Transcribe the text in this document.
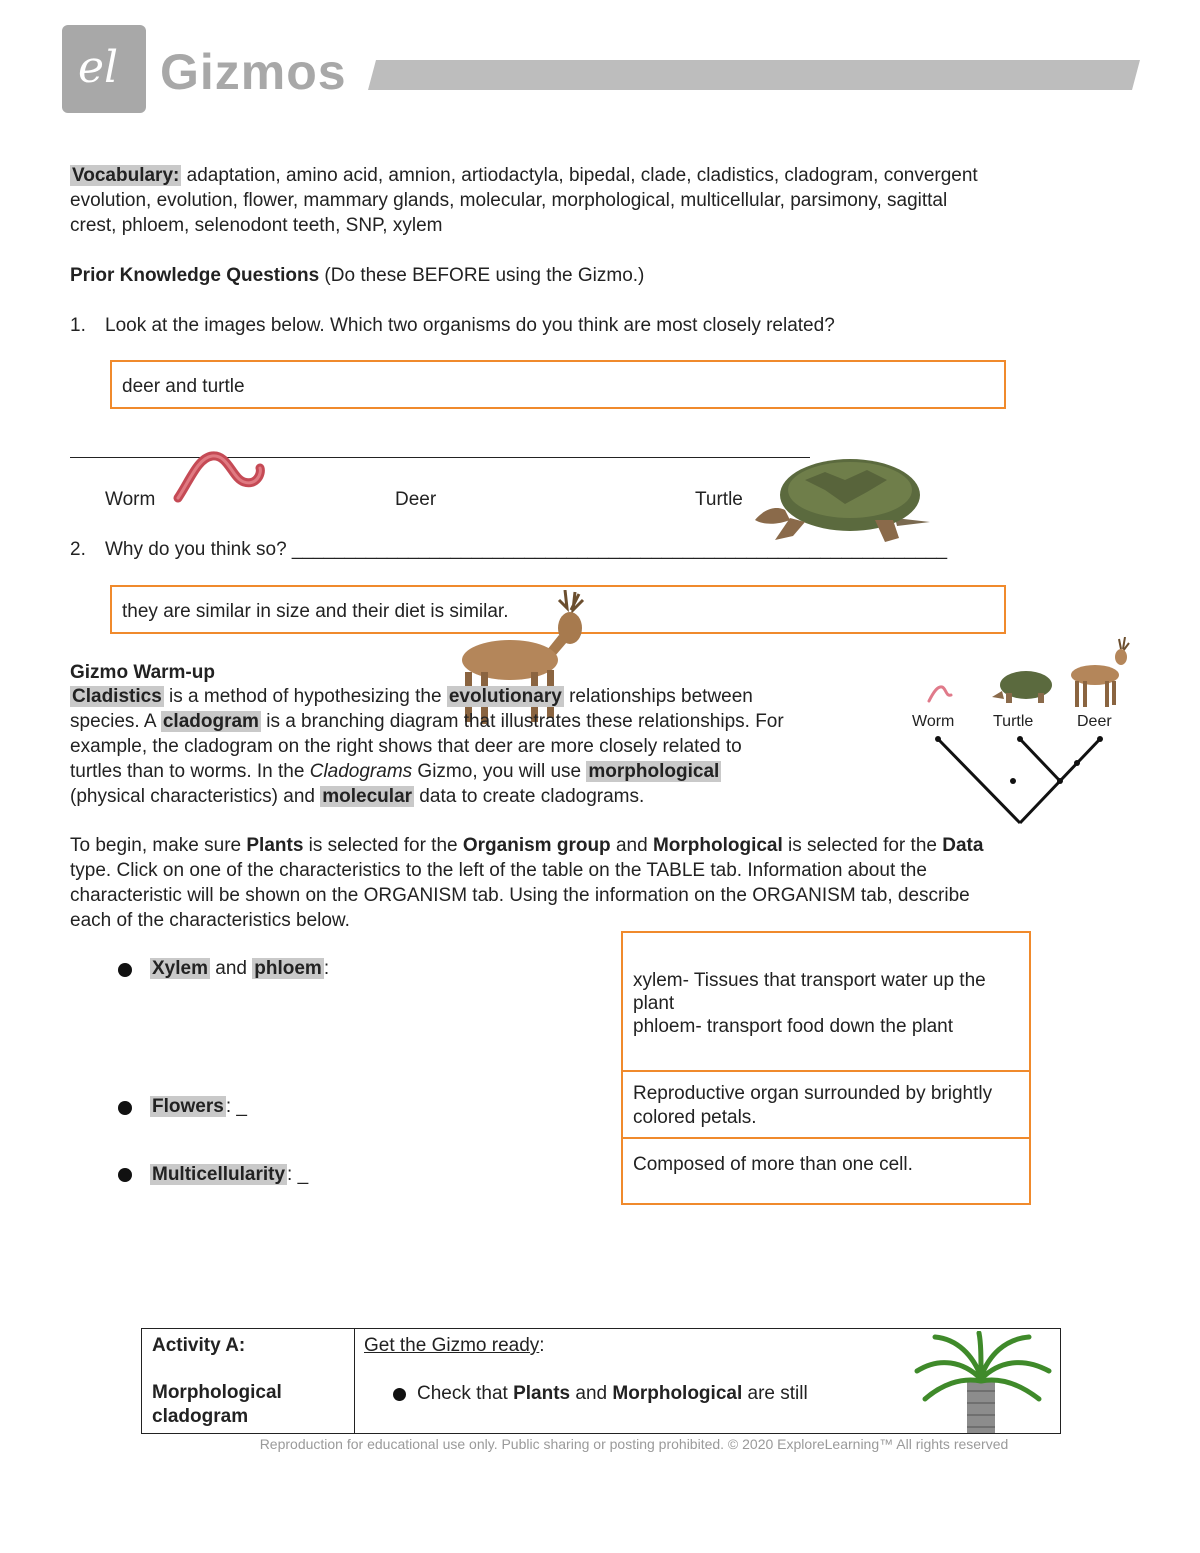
el Gizmos
Vocabulary: adaptation, amino acid, amnion, artiodactyla, bipedal, clade, cladistics, cladogram, convergent
evolution, evolution, flower, mammary glands, molecular, morphological, multicellular, parsimony, sagittal
crest, phloem, selenodont teeth, SNP, xylem
Prior Knowledge Questions (Do these BEFORE using the Gizmo.)
1. Look at the images below. Which two organisms do you think are most closely related?
deer and turtle
Worm	Deer	Turtle
2. Why do you think so? ______________________________________________________________
they are similar in size and their diet is similar.
Gizmo Warm-up
Cladistics is a method of hypothesizing the evolutionary relationships between
species. A cladogram is a branching diagram that illustrates these relationships. For
example, the cladogram on the right shows that deer are more closely related to
turtles than to worms. In the Cladograms Gizmo, you will use morphological
(physical characteristics) and molecular data to create cladograms.
Worm Turtle	Deer
To begin, make sure Plants is selected for the Organism group and Morphological is selected for the Data
type. Click on one of the characteristics to the left of the table on the TABLE tab. Information about the
characteristic will be shown on the ORGANISM tab. Using the information on the ORGANISM tab, describe
each of the characteristics below.
Xylem and phloem :
Flowers : _
Multicellularity : _
xylem- Tissues that transport water up the plant
phloem- transport food down the plant
Reproductive organ surrounded by brightly colored petals.
Composed of more than one cell.
Activity A:
Morphological cladogram
Get the Gizmo ready:
Check that Plants and Morphological are still
Reproduction for educational use only. Public sharing or posting prohibited. © 2020 ExploreLearning™ All rights reserved
